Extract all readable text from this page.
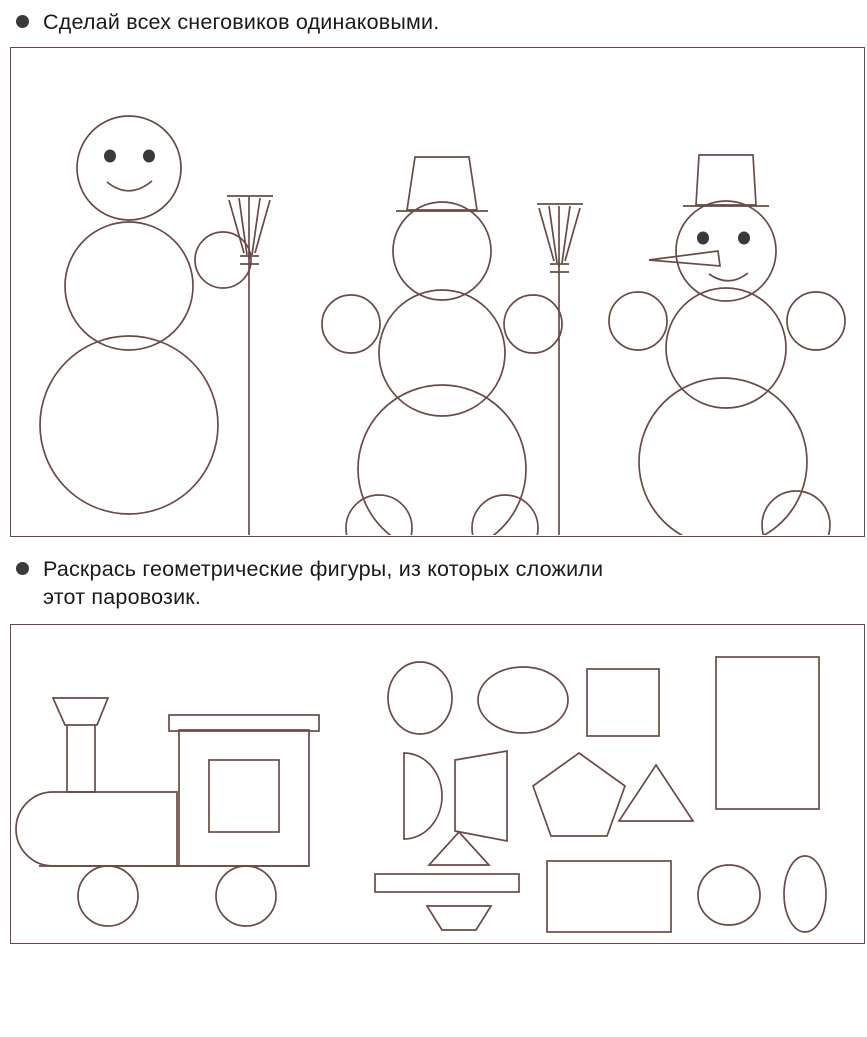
Сделай всех снеговиков одинаковыми.
Раскрась геометрические фигуры, из которых сложили
этот паровозик.
